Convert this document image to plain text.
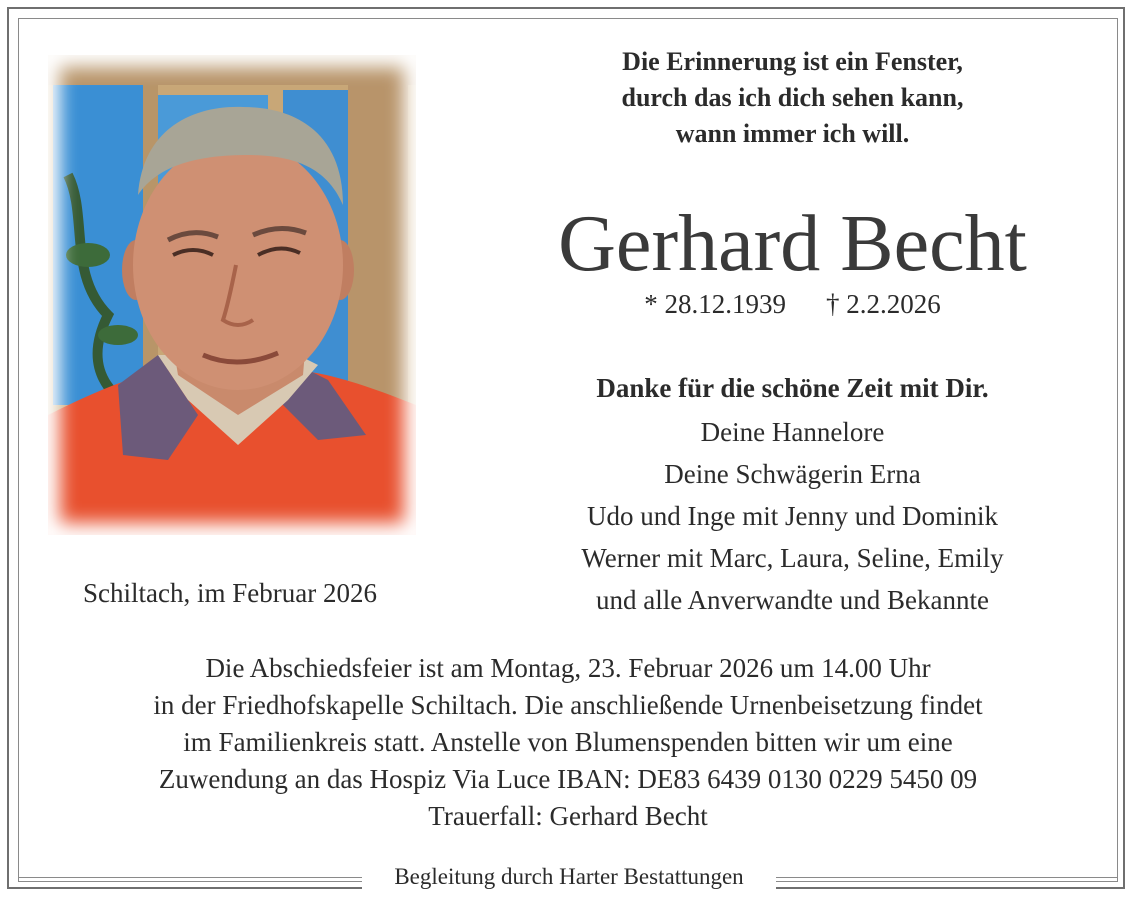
Schiltach, im Februar 2026
Die Erinnerung ist ein Fenster,
durch das ich dich sehen kann,
wann immer ich will.
Gerhard Becht
* 28.12.1939 † 2.2.2026
Danke für die schöne Zeit mit Dir.
Deine Hannelore
Deine Schwägerin Erna
Udo und Inge mit Jenny und Dominik
Werner mit Marc, Laura, Seline, Emily
und alle Anverwandte und Bekannte
Die Abschiedsfeier ist am Montag, 23. Februar 2026 um 14.00 Uhr
in der Friedhofskapelle Schiltach. Die anschließende Urnenbeisetzung findet
im Familienkreis statt. Anstelle von Blumenspenden bitten wir um eine
Zuwendung an das Hospiz Via Luce IBAN: DE83 6439 0130 0229 5450 09
Trauerfall: Gerhard Becht
Begleitung durch Harter Bestattungen
